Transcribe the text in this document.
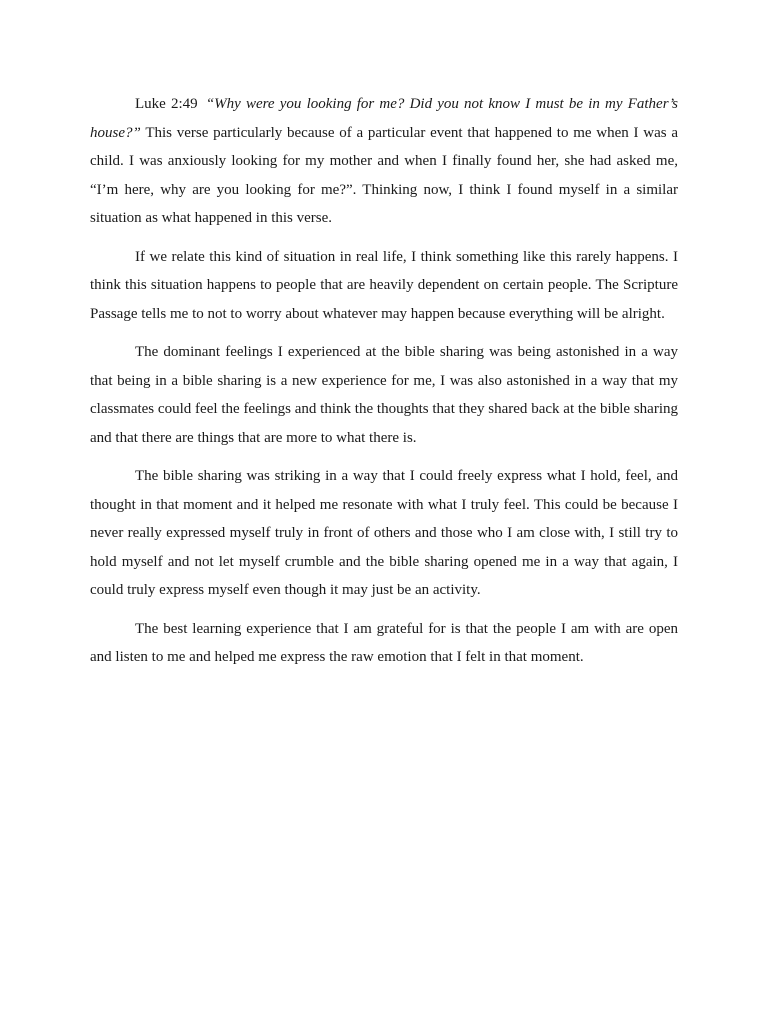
Luke 2:49 “Why were you looking for me? Did you not know I must be in my Father’s house?” This verse particularly because of a particular event that happened to me when I was a child. I was anxiously looking for my mother and when I finally found her, she had asked me, “I’m here, why are you looking for me?”. Thinking now, I think I found myself in a similar situation as what happened in this verse.

If we relate this kind of situation in real life, I think something like this rarely happens. I think this situation happens to people that are heavily dependent on certain people. The Scripture Passage tells me to not to worry about whatever may happen because everything will be alright.

The dominant feelings I experienced at the bible sharing was being astonished in a way that being in a bible sharing is a new experience for me, I was also astonished in a way that my classmates could feel the feelings and think the thoughts that they shared back at the bible sharing and that there are things that are more to what there is.

The bible sharing was striking in a way that I could freely express what I hold, feel, and thought in that moment and it helped me resonate with what I truly feel. This could be because I never really expressed myself truly in front of others and those who I am close with, I still try to hold myself and not let myself crumble and the bible sharing opened me in a way that again, I could truly express myself even though it may just be an activity.

The best learning experience that I am grateful for is that the people I am with are open and listen to me and helped me express the raw emotion that I felt in that moment.
